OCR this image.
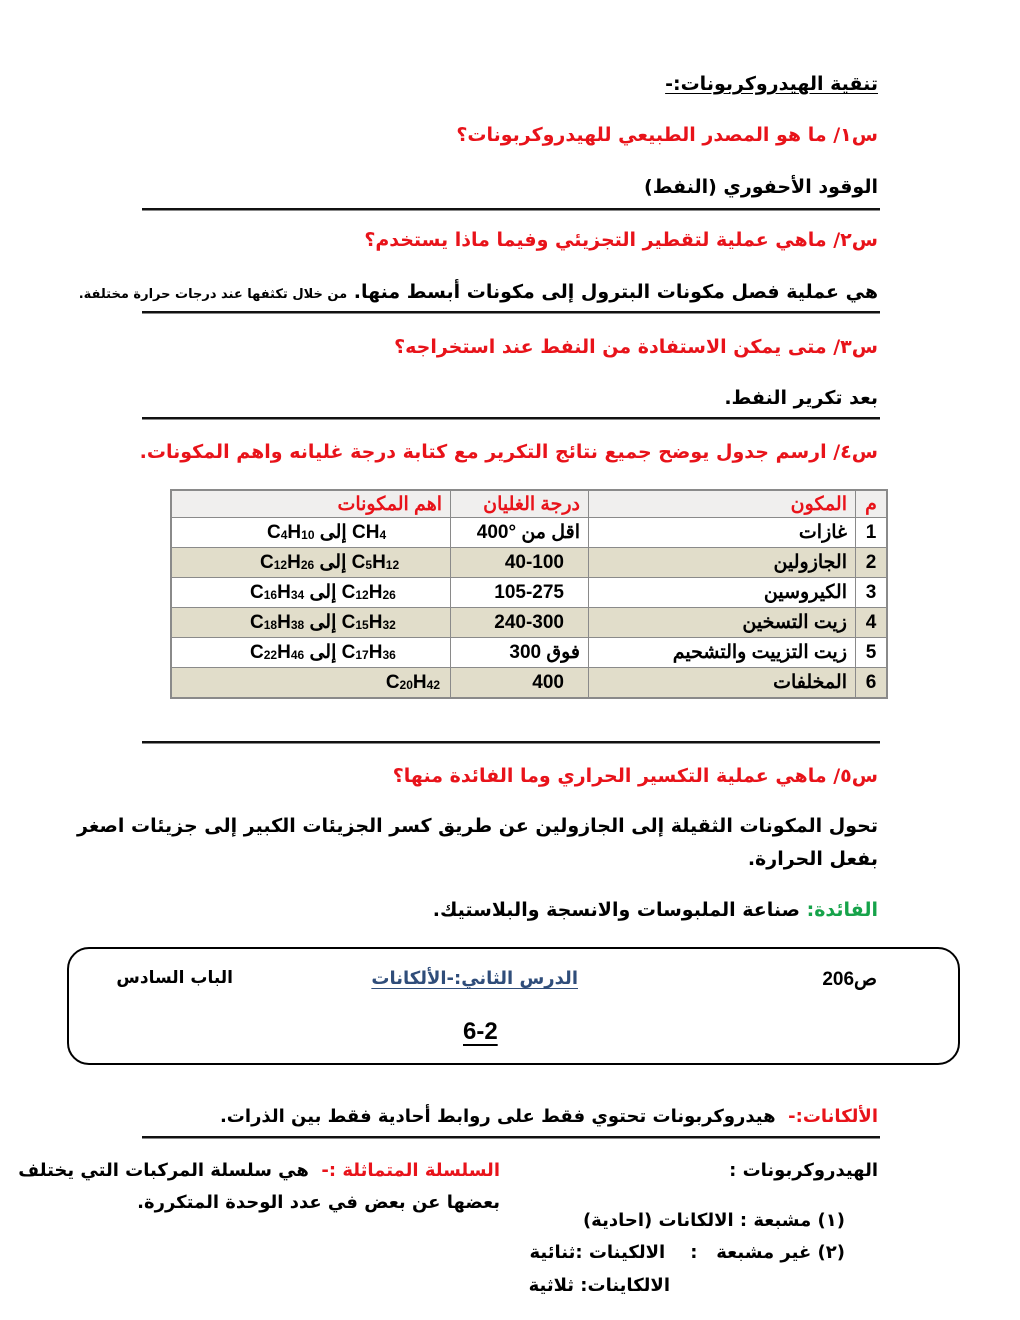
تنقية الهيدروكربونات:-
س١/ ما هو المصدر الطبيعي للهيدروكربونات؟
الوقود الأحفوري (النفط)
س٢/ ماهي عملية لتقطير التجزيئي وفيما ماذا يستخدم؟
هي عملية فصل مكونات البترول إلى مكونات أبسط منها. من خلال تكثفها عند درجات حرارة مختلفة.
س٣/ متى يمكن الاستفادة من النفط عند استخراجه؟
بعد تكرير النفط.
س٤/ ارسم جدول يوضح جميع نتائج التكرير مع كتابة درجة غليانه واهم المكونات.
م	المكون	درجة الغليان	اهم المكونات
1	غازات	اقل من °400	$C_4H_{10}$ إلى $CH_4$
2	الجازولين	40-100	$C_{12}H_{26}$ إلى $C_5H_{12}$
3	الكيروسين	105-275	$C_{16}H_{34}$ إلى $C_{12}H_{26}$
4	زيت التسخين	240-300	$C_{18}H_{38}$ إلى $C_{15}H_{32}$
5	زيت التزييت والتشحيم	فوق 300	$C_{22}H_{46}$ إلى $C_{17}H_{36}$
6	المخلفات	400	$C_{20}H_{42}$
س٥/ ماهي عملية التكسير الحراري وما الفائدة منها؟
تحول المكونات الثقيلة إلى الجازولين عن طريق كسر الجزيئات الكبير إلى جزيئات اصغر
بفعل الحرارة.
الفائدة: صناعة الملبوسات والانسجة والبلاستيك.
ص206
الدرس الثاني:-الألكانات
الباب السادس
6-2
الألكانات:-  هيدروكربونات تحتوي فقط على روابط أحادية فقط بين الذرات.
الهيدروكربونات :
(١) مشبعة : الالكانات (احادية)
(٢) غير مشبعة   :    الالكينات :ثنائية
الالكاينات: ثلاثية
السلسلة المتماثلة :-  هي سلسلة المركبات التي يختلف
بعضها عن بعض في عدد الوحدة المتكررة.
